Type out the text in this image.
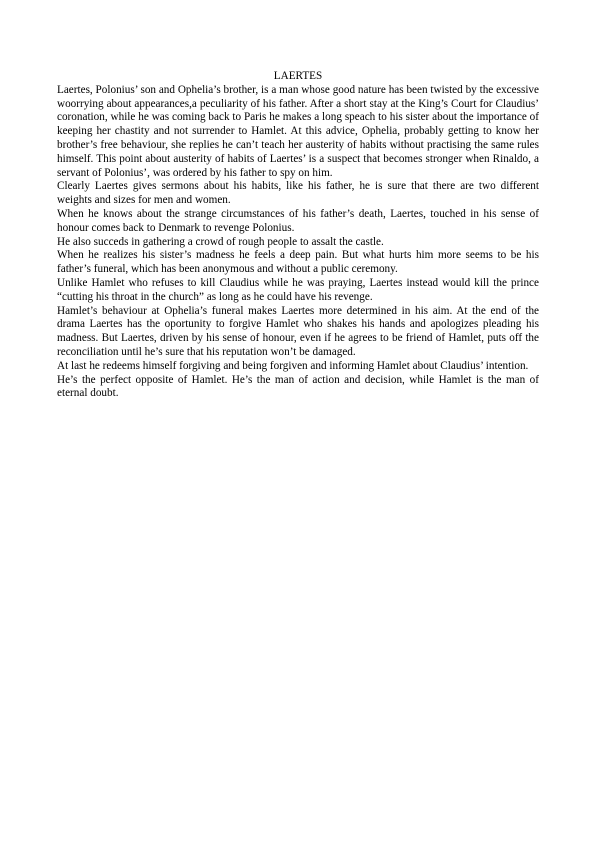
LAERTES

Laertes, Polonius’ son and Ophelia’s brother, is a man whose good nature has been twisted by the excessive woorrying about appearances,a peculiarity of his father. After a short stay at the King’s Court for Claudius’ coronation, while he was coming back to Paris he makes a long speach to his sister about the importance of keeping her chastity and not surrender to Hamlet. At this advice, Ophelia, probably getting to know her brother’s free behaviour, she replies he can’t teach her austerity of habits without practising the same rules himself. This point about austerity of habits of Laertes’ is a suspect that becomes stronger when Rinaldo, a servant of Polonius’, was ordered by his father to spy on him.

Clearly Laertes gives sermons about his habits, like his father, he is sure that there are two different weights and sizes for men and women.

When he knows about the strange circumstances of his father’s death, Laertes, touched in his sense of honour comes back to Denmark to revenge Polonius.

He also succeds in gathering a crowd of rough people to assalt the castle.

When he realizes his sister’s madness he feels a deep pain. But what hurts him more seems to be his father’s funeral, which has been anonymous and without a public ceremony.

Unlike Hamlet who refuses to kill Claudius while he was praying, Laertes instead would kill the prince “cutting his throat in the church” as long as he could have his revenge.

Hamlet’s behaviour at Ophelia’s funeral makes Laertes more determined in his aim. At the end of the drama Laertes has the oportunity to forgive Hamlet who shakes his hands and apologizes pleading his madness. But Laertes, driven by his sense of honour, even if he agrees to be friend of Hamlet, puts off the reconciliation until he’s sure that his reputation won’t be damaged.

At last he redeems himself forgiving and being forgiven and informing Hamlet about Claudius’ intention.

He’s the perfect opposite of Hamlet. He’s the man of action and decision, while Hamlet is the man of eternal doubt.
